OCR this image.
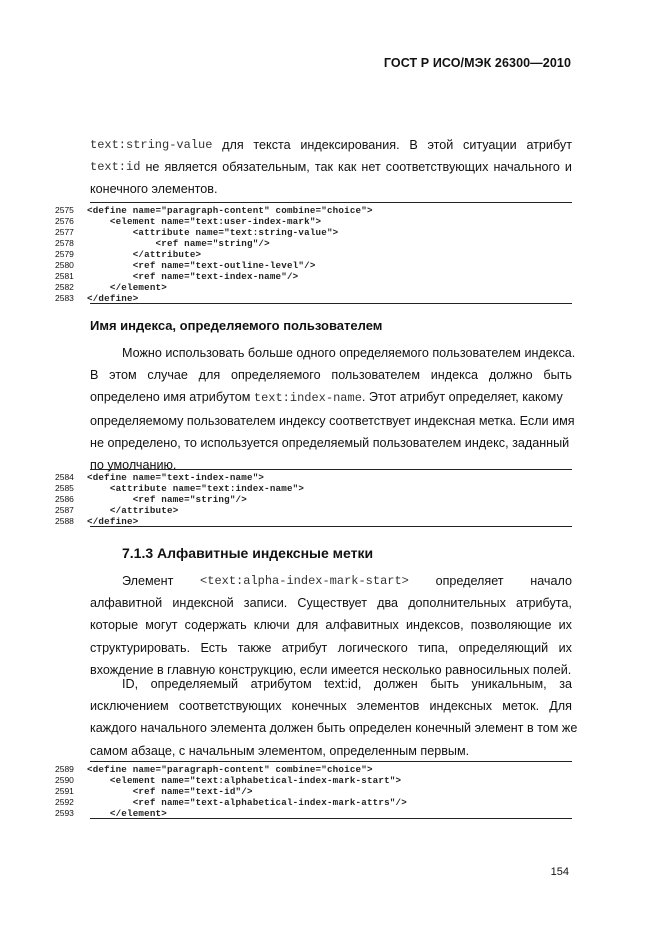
ГОСТ Р ИСО/МЭК 26300—2010
text:string-value для текста индексирования. В этой ситуации атрибут
text:id не является обязательным, так как нет соответствующих начального и
конечного элементов.
2575 <define name="paragraph-content" combine="choice">
2576    <element name="text:user-index-mark">
2577        <attribute name="text:string-value">
2578            <ref name="string"/>
2579        </attribute>
2580        <ref name="text-outline-level"/>
2581        <ref name="text-index-name"/>
2582    </element>
2583 </define>
Имя индекса, определяемого пользователем
Можно использовать больше одного определяемого пользователем индекса.
В этом случае для определяемого пользователем индекса должно быть
определено имя атрибутом text:index-name. Этот атрибут определяет, какому
определяемому пользователем индексу соответствует индексная метка. Если имя
не определено, то используется определяемый пользователем индекс, заданный
по умолчанию.
2584 <define name="text-index-name">
2585    <attribute name="text:index-name">
2586        <ref name="string"/>
2587    </attribute>
2588 </define>
7.1.3 Алфавитные индексные метки
Элемент <text:alpha-index-mark-start> определяет начало
алфавитной индексной записи. Существует два дополнительных атрибута,
которые могут содержать ключи для алфавитных индексов, позволяющие их
структурировать. Есть также атрибут логического типа, определяющий их
вхождение в главную конструкцию, если имеется несколько равносильных полей.
ID, определяемый атрибутом text:id, должен быть уникальным, за
исключением соответствующих конечных элементов индексных меток. Для
каждого начального элемента должен быть определен конечный элемент в том же
самом абзаце, с начальным элементом, определенным первым.
2589 <define name="paragraph-content" combine="choice">
2590    <element name="text:alphabetical-index-mark-start">
2591        <ref name="text-id"/>
2592        <ref name="text-alphabetical-index-mark-attrs"/>
2593    </element>
154
